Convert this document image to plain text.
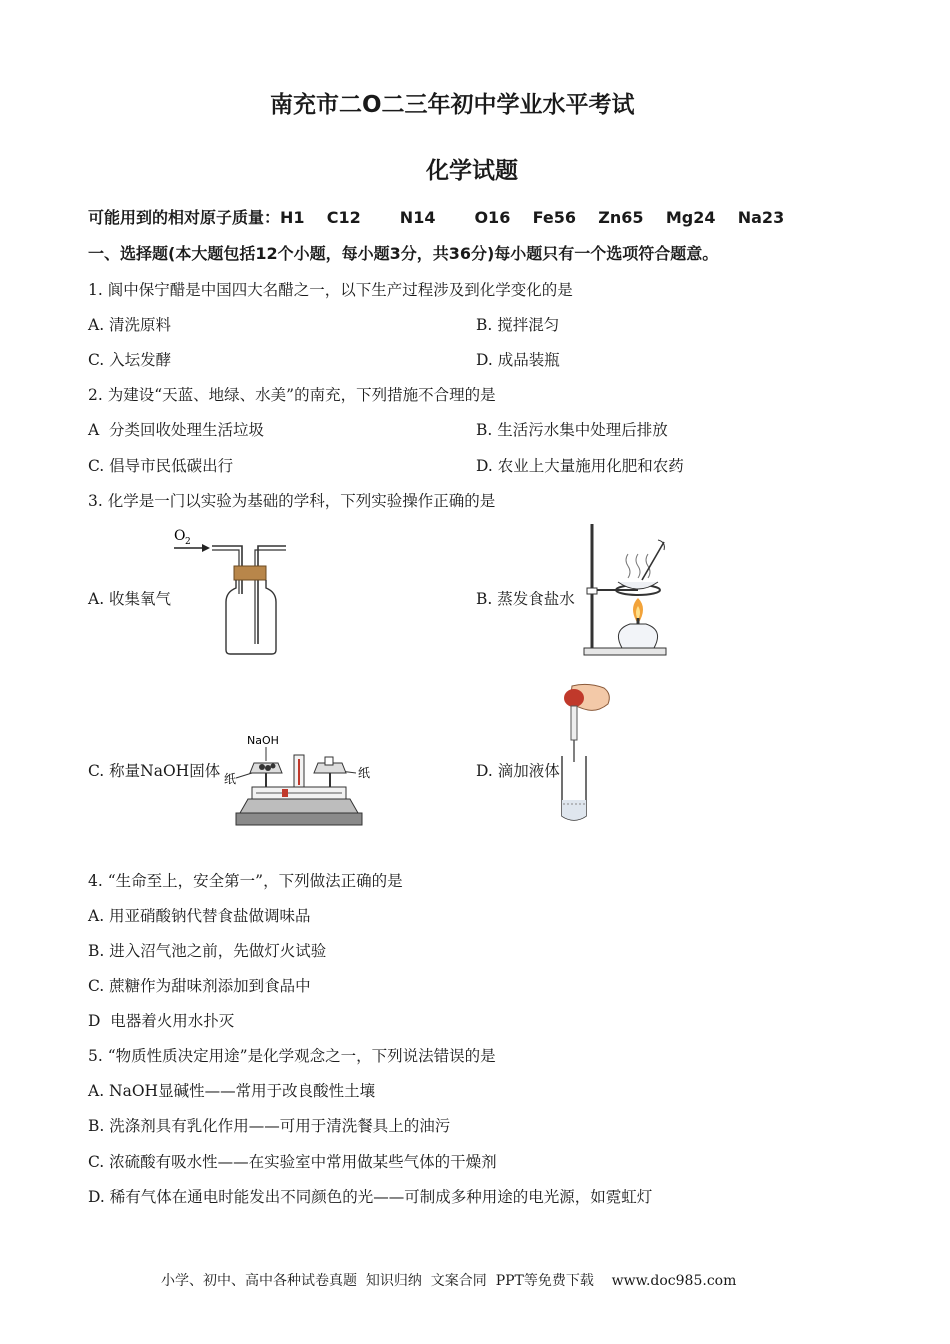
南充市二O二三年初中学业水平考试
化学试题
可能用到的相对原子质量：H1    C12       N14       O16    Fe56    Zn65    Mg24    Na23
一、选择题(本大题包括12个小题，每小题3分，共36分)每小题只有一个选项符合题意。
1. 阆中保宁醋是中国四大名醋之一，以下生产过程涉及到化学变化的是
A. 清洗原料	B. 搅拌混匀
C. 入坛发酵	D. 成品装瓶
2. 为建设“天蓝、地绿、水美”的南充，下列措施不合理的是
A  分类回收处理生活垃圾	B. 生活污水集中处理后排放
C. 倡导市民低碳出行	D. 农业上大量施用化肥和农药
3. 化学是一门以实验为基础的学科，下列实验操作正确的是
A. 收集氧气	B. 蒸发食盐水
C. 称量NaOH固体	D. 滴加液体
O 2
NaOH
纸	纸
4. “生命至上，安全第一”，下列做法正确的是
A. 用亚硝酸钠代替食盐做调味品
B. 进入沼气池之前，先做灯火试验
C. 蔗糖作为甜味剂添加到食品中
D  电器着火用水扑灭
5. “物质性质决定用途”是化学观念之一，下列说法错误的是
A. NaOH显碱性——常用于改良酸性土壤
B. 洗涤剂具有乳化作用——可用于清洗餐具上的油污
C. 浓硫酸有吸水性——在实验室中常用做某些气体的干燥剂
D. 稀有气体在通电时能发出不同颜色的光——可制成多种用途的电光源，如霓虹灯
小学、初中、高中各种试卷真题  知识归纳  文案合同  PPT等免费下载    www.doc985.com
